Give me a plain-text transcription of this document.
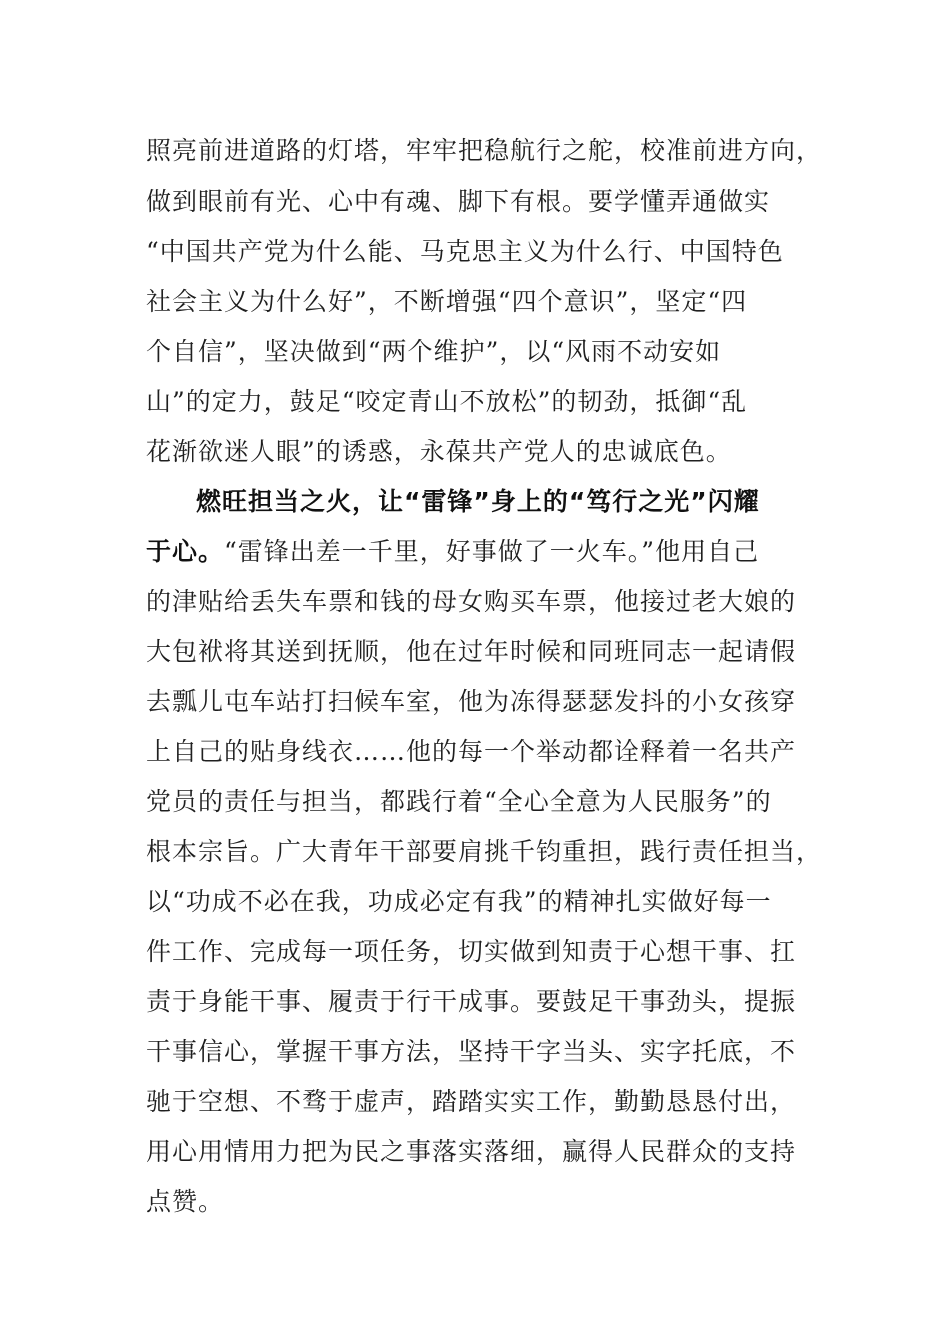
照亮前进道路的灯塔，牢牢把稳航行之舵，校准前进方向，
做到眼前有光、心中有魂、脚下有根。要学懂弄通做实
“中国共产党为什么能、马克思主义为什么行、中国特色
社会主义为什么好”，不断增强“四个意识”，坚定“四
个自信”，坚决做到“两个维护”，以“风雨不动安如
山”的定力，鼓足“咬定青山不放松”的韧劲，抵御“乱
花渐欲迷人眼”的诱惑，永葆共产党人的忠诚底色。
燃旺担当之火，让“雷锋”身上的“笃行之光”闪耀
于心。“雷锋出差一千里，好事做了一火车。”他用自己
的津贴给丢失车票和钱的母女购买车票，他接过老大娘的
大包袱将其送到抚顺，他在过年时候和同班同志一起请假
去瓢儿屯车站打扫候车室，他为冻得瑟瑟发抖的小女孩穿
上自己的贴身线衣……他的每一个举动都诠释着一名共产
党员的责任与担当，都践行着“全心全意为人民服务”的
根本宗旨。广大青年干部要肩挑千钧重担，践行责任担当，
以“功成不必在我，功成必定有我”的精神扎实做好每一
件工作、完成每一项任务，切实做到知责于心想干事、扛
责于身能干事、履责于行干成事。要鼓足干事劲头，提振
干事信心，掌握干事方法，坚持干字当头、实字托底，不
驰于空想、不骛于虚声，踏踏实实工作，勤勤恳恳付出，
用心用情用力把为民之事落实落细，赢得人民群众的支持
点赞。
